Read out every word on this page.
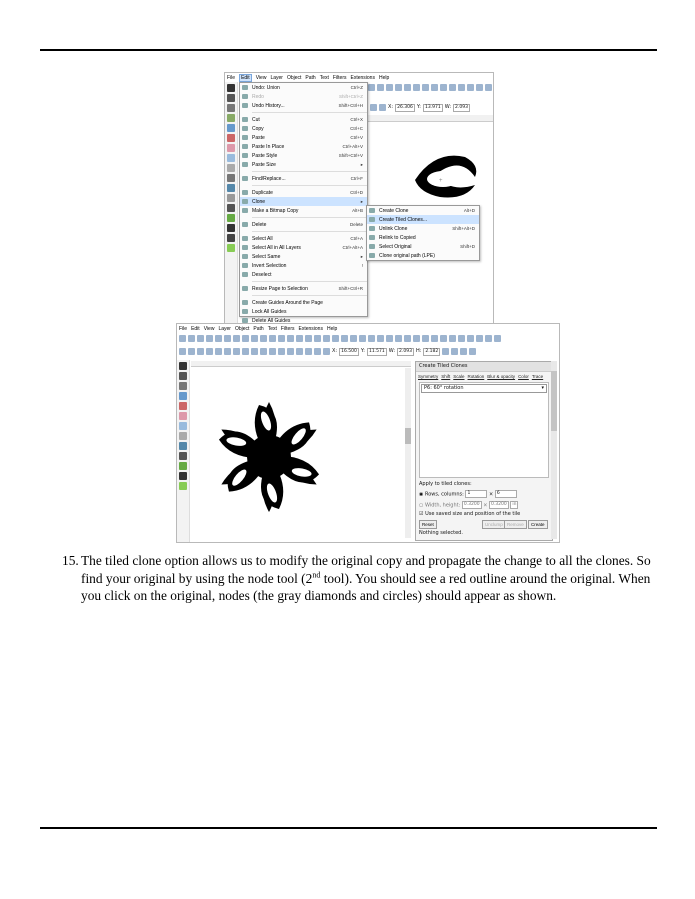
File	Edit	View Layer Object Path Text Filters Extensions Help
X: 26.306 Y: 13.971 W: 2.093
+
Undo: Union	Ctrl+Z
Redo	Shift+Ctrl+Z
Undo History...	Shift+Ctrl+H
Cut	Ctrl+X
Copy	Ctrl+C
Paste	Ctrl+V
Paste In Place	Ctrl+Alt+V
Paste Style	Shift+Ctrl+V
Paste Size	▸
Find/Replace...	Ctrl+F
Duplicate	Ctrl+D
Clone	▸
Make a Bitmap Copy	Alt+B
Delete	Delete
Select All	Ctrl+A
Select All in All Layers	Ctrl+Alt+A
Select Same	▸
Invert Selection	!
Deselect
Resize Page to Selection	Shift+Ctrl+R
Create Guides Around the Page
Lock All Guides
Delete All Guides
Create Clone	Alt+D
Create Tiled Clones...
Unlink Clone	Shift+Alt+D
Relink to Copied
Select Original	Shift+D
Clone original path (LPE)
File Edit View Layer Object Path Text Filters Extensions Help
X: 16.500 Y: 11.571 W: 2.093 H: 2.182
Create Tiled Clones
Symmetry Shift Scale Rotation Blur & opacity Color Trace
P6: 60° rotation	▾
Apply to tiled clones:
◉ Rows, columns: 1	× 6
○ Width, height: 0.3200 × 0.3200 in
☑ Use saved size and position of the tile
Reset	Unclump Remove	Create
Nothing selected.
15. The tiled clone option allows us to modify the original copy and propagate the change to all the clones. So find your original by using the node tool (2nd tool). You should see a red outline around the original. When you click on the original, nodes (the gray diamonds and circles) should appear as shown.
